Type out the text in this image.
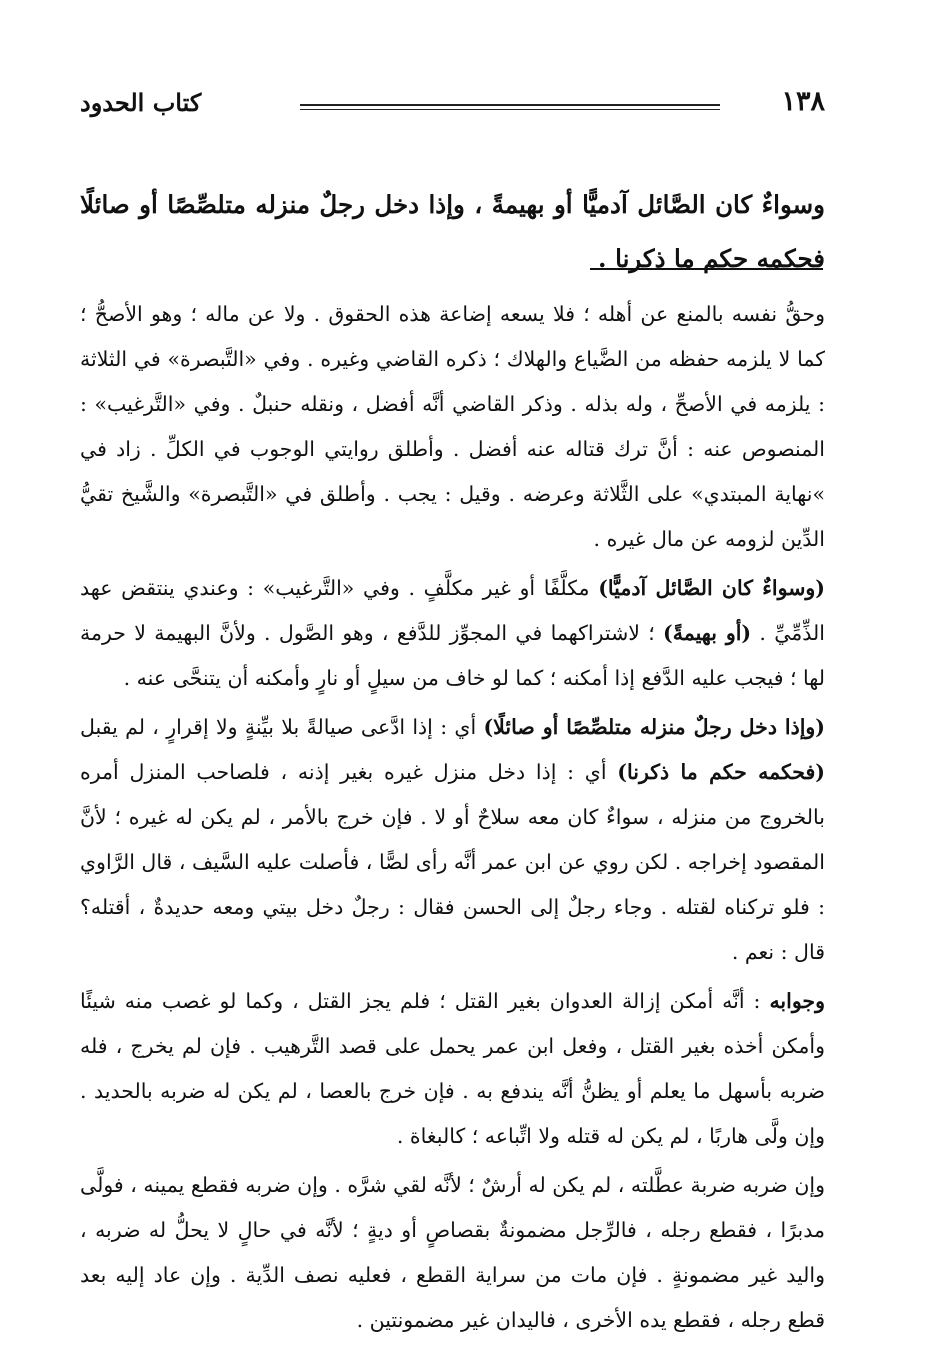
١٣٨
كتاب الحدود
وسواءٌ كان الصَّائل آدميًّا أو بهيمةً ، وإذا دخل رجلٌ منزله متلصِّصًا أو صائلًا فحكمه حكم ما ذكرنا .

وحقُّ نفسه بالمنع عن أهله ؛ فلا يسعه إضاعة هذه الحقوق . ولا عن ماله ؛ وهو الأصحُّ ؛ كما لا يلزمه حفظه من الضَّياع والهلاك ؛ ذكره القاضي وغيره . وفي «التَّبصرة» في الثلاثة : يلزمه في الأصحِّ ، وله بذله . وذكر القاضي أنَّه أفضل ، ونقله حنبلٌ . وفي «التَّرغيب» : المنصوص عنه : أنَّ ترك قتاله عنه أفضل . وأطلق روايتي الوجوب في الكلِّ . زاد في »نهاية المبتدي» على الثَّلاثة وعرضه . وقيل : يجب . وأطلق في «التَّبصرة» والشَّيخ تقيُّ الدِّين لزومه عن مال غيره .

(وسواءٌ كان الصَّائل آدميًّا) مكلَّفًا أو غير مكلَّفٍ . وفي «التَّرغيب» : وعندي ينتقض عهد الذِّمِّيِّ . (أو بهيمةً) ؛ لاشتراكهما في المجوِّز للدَّفع ، وهو الصَّول . ولأنَّ البهيمة لا حرمة لها ؛ فيجب عليه الدَّفع إذا أمكنه ؛ كما لو خاف من سيلٍ أو نارٍ وأمكنه أن يتنحَّى عنه .

(وإذا دخل رجلٌ منزله متلصِّصًا أو صائلًا) أي : إذا ادَّعى صيالةً بلا بيِّنةٍ ولا إقرارٍ ، لم يقبل (فحكمه حكم ما ذكرنا) أي : إذا دخل منزل غيره بغير إذنه ، فلصاحب المنزل أمره بالخروج من منزله ، سواءٌ كان معه سلاحٌ أو لا . فإن خرج بالأمر ، لم يكن له غيره ؛ لأنَّ المقصود إخراجه . لكن روي عن ابن عمر أنَّه رأى لصًّا ، فأصلت عليه السَّيف ، قال الرَّاوي : فلو تركناه لقتله . وجاء رجلٌ إلى الحسن فقال : رجلٌ دخل بيتي ومعه حديدةٌ ، أقتله؟ قال : نعم .

وجوابه : أنَّه أمكن إزالة العدوان بغير القتل ؛ فلم يجز القتل ، وكما لو غصب منه شيئًا وأمكن أخذه بغير القتل ، وفعل ابن عمر يحمل على قصد التَّرهيب . فإن لم يخرج ، فله ضربه بأسهل ما يعلم أو يظنُّ أنَّه يندفع به . فإن خرج بالعصا ، لم يكن له ضربه بالحديد . وإن ولَّى هاربًا ، لم يكن له قتله ولا اتِّباعه ؛ كالبغاة .

وإن ضربه ضربة عطَّلته ، لم يكن له أرشٌ ؛ لأنَّه لقي شرَّه . وإن ضربه فقطع يمينه ، فولَّى مدبرًا ، فقطع رجله ، فالرِّجل مضمونةٌ بقصاصٍ أو ديةٍ ؛ لأنَّه في حالٍ لا يحلُّ له ضربه ، واليد غير مضمونةٍ . فإن مات من سراية القطع ، فعليه نصف الدِّية . وإن عاد إليه بعد قطع رجله ، فقطع يده الأخرى ، فاليدان غير مضمونتين .
